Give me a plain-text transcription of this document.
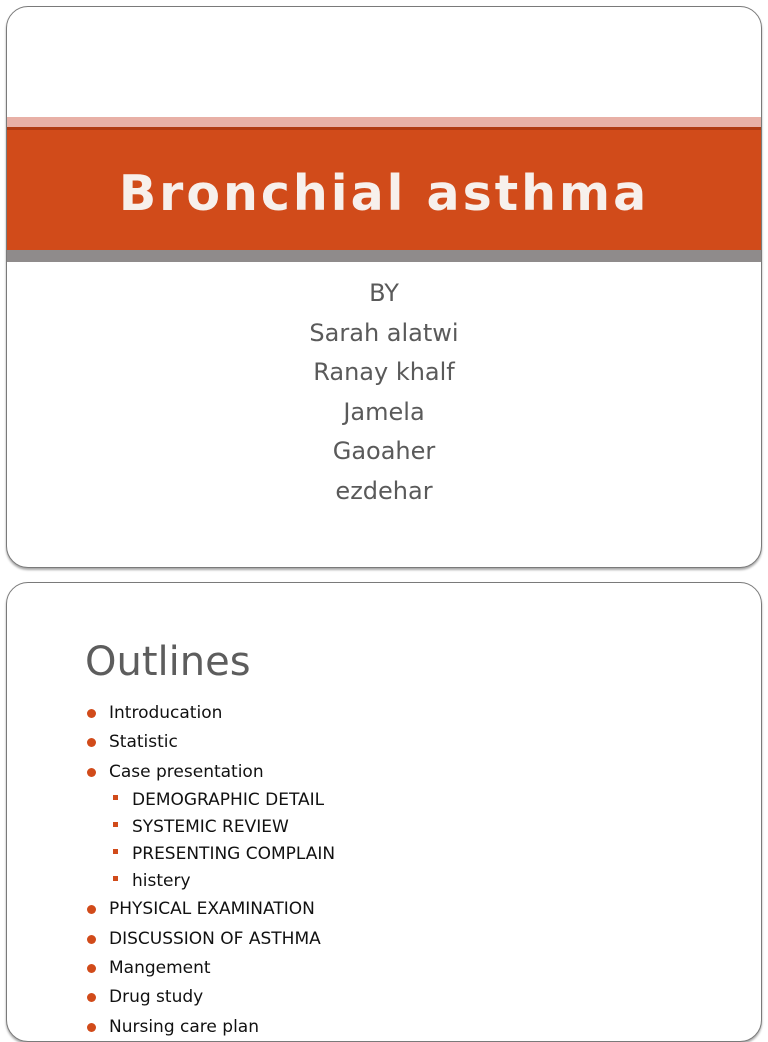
Bronchial asthma
BY
Sarah alatwi
Ranay khalf
Jamela
Gaoaher
ezdehar
Outlines
Introducation
Statistic
Case presentation
DEMOGRAPHIC DETAIL
SYSTEMIC REVIEW
PRESENTING COMPLAIN
histery
PHYSICAL EXAMINATION
DISCUSSION OF ASTHMA
Mangement
Drug study
Nursing care plan
